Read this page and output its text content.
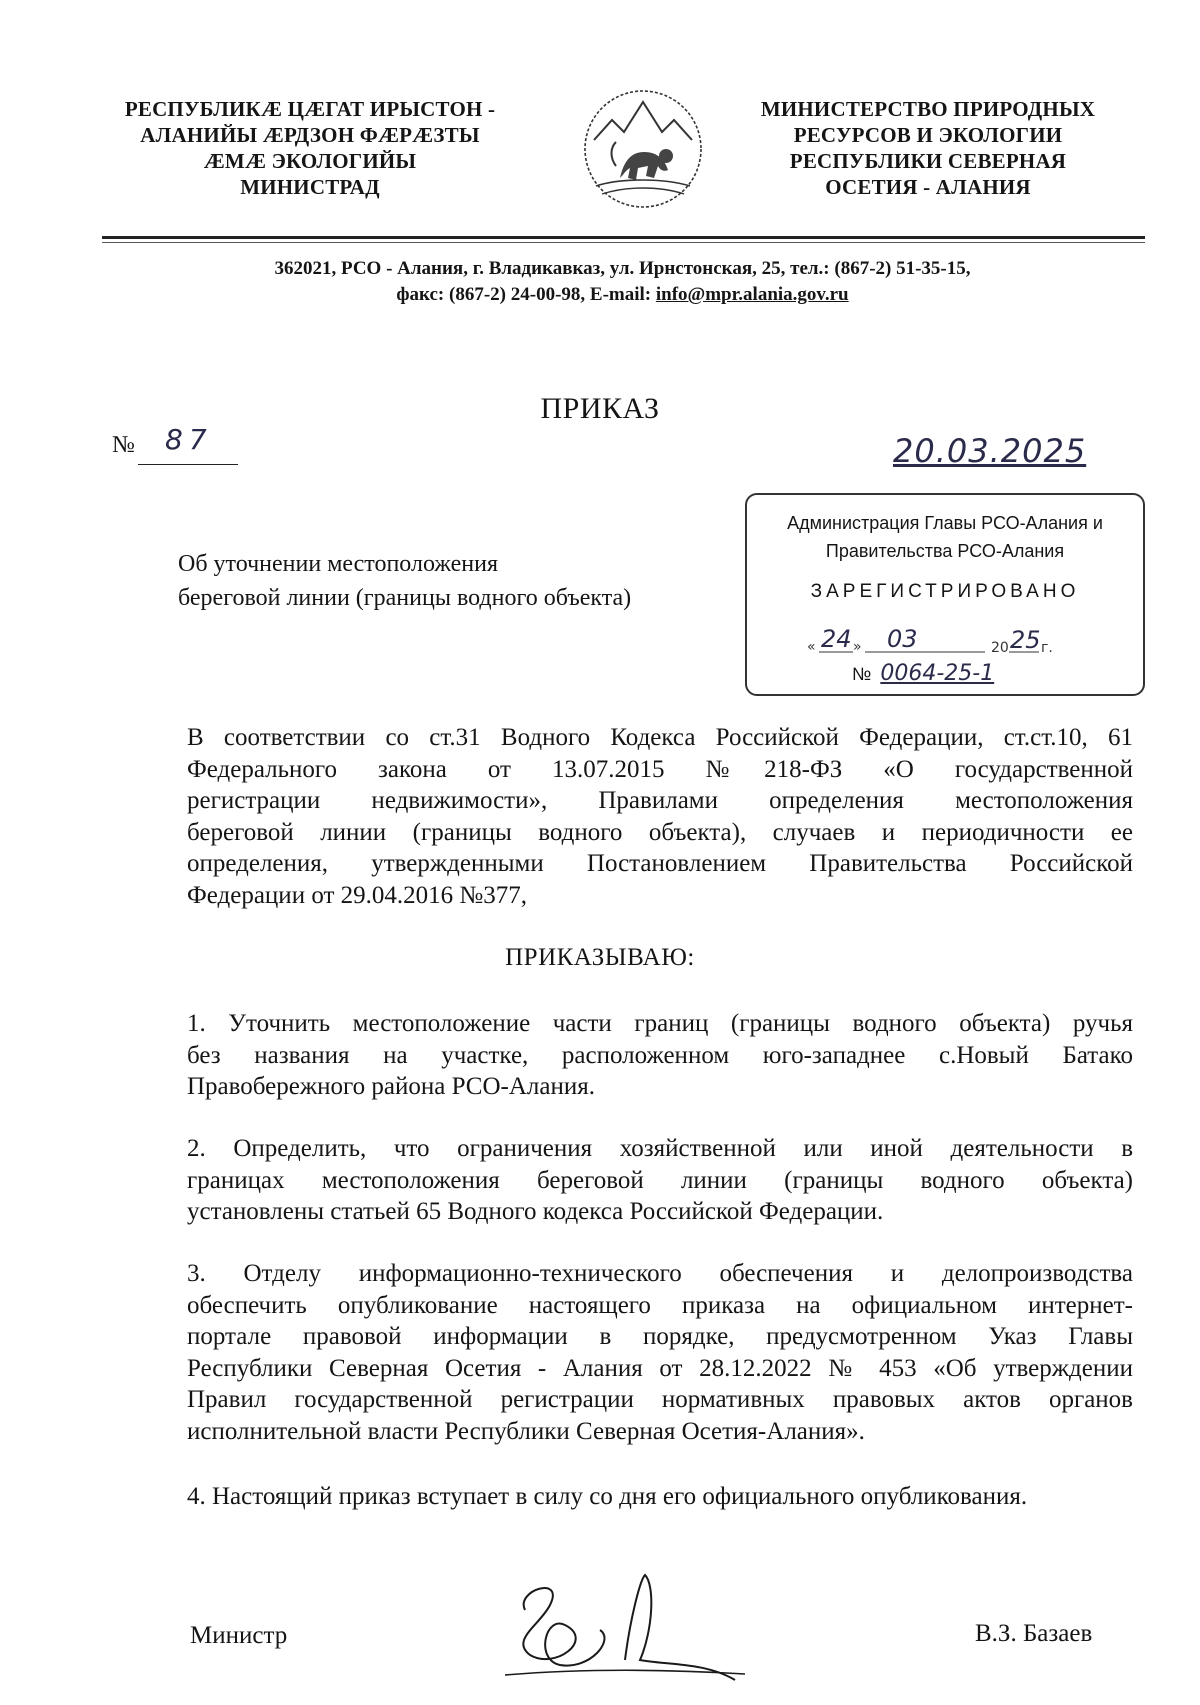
РЕСПУБЛИКÆ ЦÆГАТ ИРЫСТОН -
АЛАНИЙЫ ÆРДЗОН ФÆРÆЗТЫ
ÆМÆ ЭКОЛОГИЙЫ
МИНИСТРАД
МИНИСТЕРСТВО ПРИРОДНЫХ
РЕСУРСОВ И ЭКОЛОГИИ
РЕСПУБЛИКИ СЕВЕРНАЯ
ОСЕТИЯ - АЛАНИЯ
362021, РСО - Алания, г. Владикавказ, ул. Ирнстонская, 25, тел.: (867-2) 51-35-15,
факс: (867-2) 24-00-98, E-mail: info@mpr.alania.gov.ru
ПРИКАЗ
№ 87	20.03.2025
Об уточнении местоположения
береговой линии (границы водного объекта)
Администрация Главы РСО-Алания и
Правительства РСО-Алания
ЗАРЕГИСТРИРОВАНО
« 24 » 03	20 25 г.
№ 0064-25-1
В соответствии со ст.31 Водного Кодекса Российской Федерации, ст.ст.10, 61
Федерального закона от 13.07.2015 №218-ФЗ «О государственной
регистрации недвижимости», Правилами определения местоположения
береговой линии (границы водного объекта), случаев и периодичности ее
определения, утвержденными Постановлением Правительства Российской
Федерации от 29.04.2016 №377,
ПРИКАЗЫВАЮ:
1. Уточнить местоположение части границ (границы водного объекта) ручья
без названия на участке, расположенном юго-западнее с.Новый Батако
Правобережного района РСО-Алания.
2. Определить, что ограничения хозяйственной или иной деятельности в
границах местоположения береговой линии (границы водного объекта)
установлены статьей 65 Водного кодекса Российской Федерации.
3. Отделу информационно-технического обеспечения и делопроизводства
обеспечить опубликование настоящего приказа на официальном интернет-
портале правовой информации в порядке, предусмотренном Указ Главы
Республики Северная Осетия - Алания от 28.12.2022 № 453 «Об утверждении
Правил государственной регистрации нормативных правовых актов органов
исполнительной власти Республики Северная Осетия-Алания».
4. Настоящий приказ вступает в силу со дня его официального опубликования.
Министр	В.З. Базаев
